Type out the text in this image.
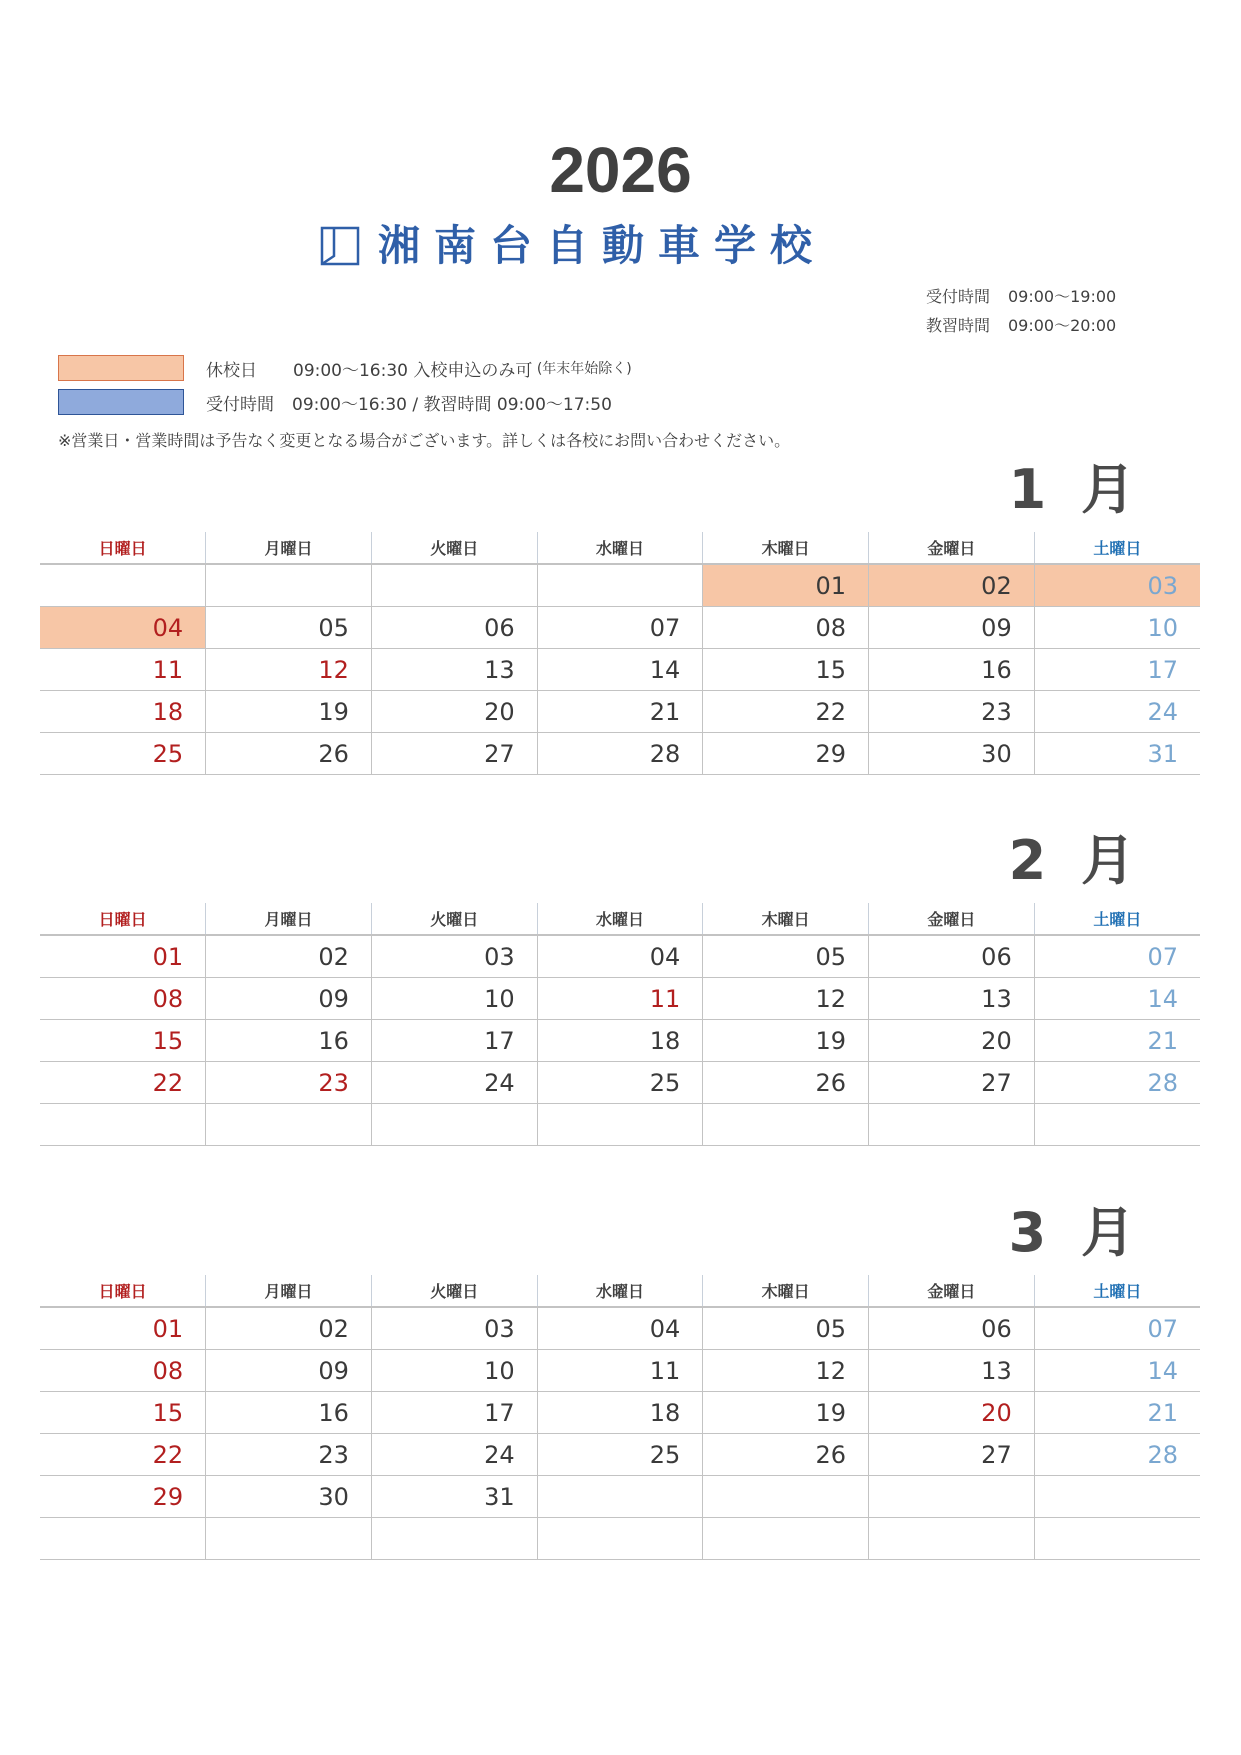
2026
湘南台自動車学校
受付時間 09:00〜19:00
教習時間 09:00〜20:00
休校日 09:00〜16:30 入校申込のみ可 (年末年始除く)
受付時間 09:00〜16:30 / 教習時間 09:00〜17:50
※営業日・営業時間は予告なく変更となる場合がございます。詳しくは各校にお問い合わせください。
1 月
日曜日	月曜日	火曜日	水曜日	木曜日	金曜日	土曜日
				01	02	03
04	05	06	07	08	09	10
11	12	13	14	15	16	17
18	19	20	21	22	23	24
25	26	27	28	29	30	31
2 月
日曜日	月曜日	火曜日	水曜日	木曜日	金曜日	土曜日
01	02	03	04	05	06	07
08	09	10	11	12	13	14
15	16	17	18	19	20	21
22	23	24	25	26	27	28

3 月
日曜日	月曜日	火曜日	水曜日	木曜日	金曜日	土曜日
01	02	03	04	05	06	07
08	09	10	11	12	13	14
15	16	17	18	19	20	21
22	23	24	25	26	27	28
29	30	31				
